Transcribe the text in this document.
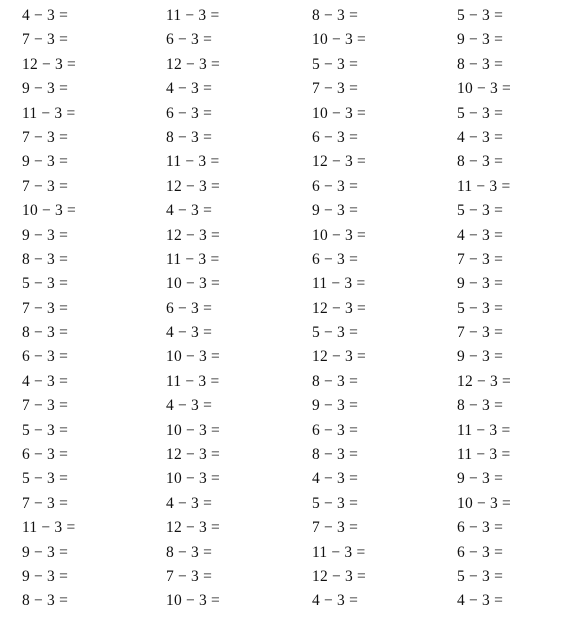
4 − 3 =
7 − 3 =
12 − 3 =
9 − 3 =
11 − 3 =
7 − 3 =
9 − 3 =
7 − 3 =
10 − 3 =
9 − 3 =
8 − 3 =
5 − 3 =
7 − 3 =
8 − 3 =
6 − 3 =
4 − 3 =
7 − 3 =
5 − 3 =
6 − 3 =
5 − 3 =
7 − 3 =
11 − 3 =
9 − 3 =
9 − 3 =
8 − 3 =
11 − 3 =
6 − 3 =
12 − 3 =
4 − 3 =
6 − 3 =
8 − 3 =
11 − 3 =
12 − 3 =
4 − 3 =
12 − 3 =
11 − 3 =
10 − 3 =
6 − 3 =
4 − 3 =
10 − 3 =
11 − 3 =
4 − 3 =
10 − 3 =
12 − 3 =
10 − 3 =
4 − 3 =
12 − 3 =
8 − 3 =
7 − 3 =
10 − 3 =
8 − 3 =
10 − 3 =
5 − 3 =
7 − 3 =
10 − 3 =
6 − 3 =
12 − 3 =
6 − 3 =
9 − 3 =
10 − 3 =
6 − 3 =
11 − 3 =
12 − 3 =
5 − 3 =
12 − 3 =
8 − 3 =
9 − 3 =
6 − 3 =
8 − 3 =
4 − 3 =
5 − 3 =
7 − 3 =
11 − 3 =
12 − 3 =
4 − 3 =
5 − 3 =
9 − 3 =
8 − 3 =
10 − 3 =
5 − 3 =
4 − 3 =
8 − 3 =
11 − 3 =
5 − 3 =
4 − 3 =
7 − 3 =
9 − 3 =
5 − 3 =
7 − 3 =
9 − 3 =
12 − 3 =
8 − 3 =
11 − 3 =
11 − 3 =
9 − 3 =
10 − 3 =
6 − 3 =
6 − 3 =
5 − 3 =
4 − 3 =
